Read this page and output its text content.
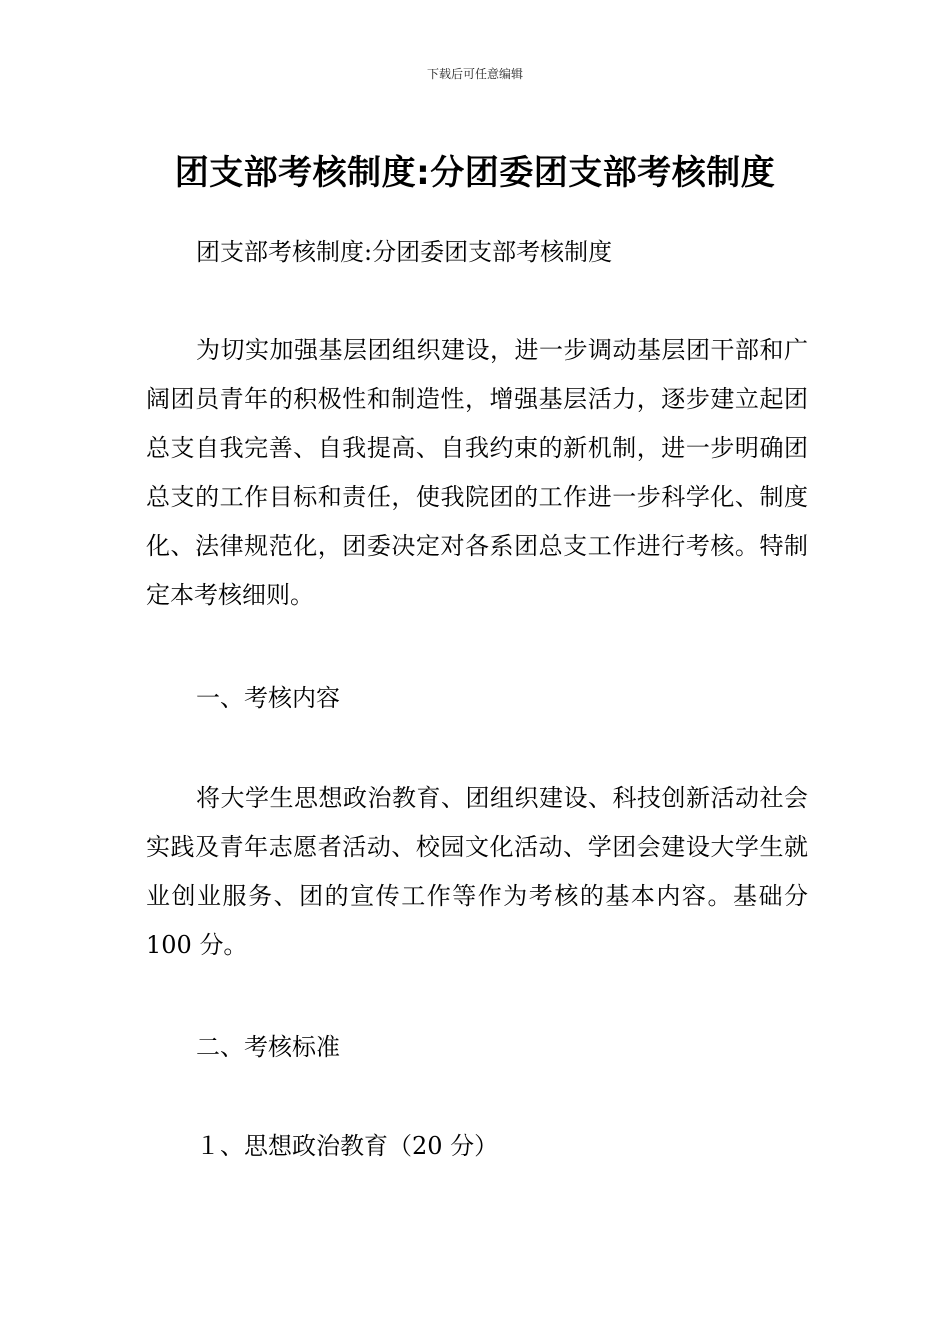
下载后可任意编辑
团支部考核制度:分团委团支部考核制度

团支部考核制度:分团委团支部考核制度

为切实加强基层团组织建设，进一步调动基层团干部和广阔团员青年的积极性和制造性，增强基层活力，逐步建立起团总支自我完善、自我提高、自我约束的新机制，进一步明确团总支的工作目标和责任，使我院团的工作进一步科学化、制度化、法律规范化，团委决定对各系团总支工作进行考核。特制定本考核细则。

一、考核内容

将大学生思想政治教育、团组织建设、科技创新活动社会实践及青年志愿者活动、校园文化活动、学团会建设大学生就业创业服务、团的宣传工作等作为考核的基本内容。基础分 100 分。

二、考核标准

１、思想政治教育（20 分）
